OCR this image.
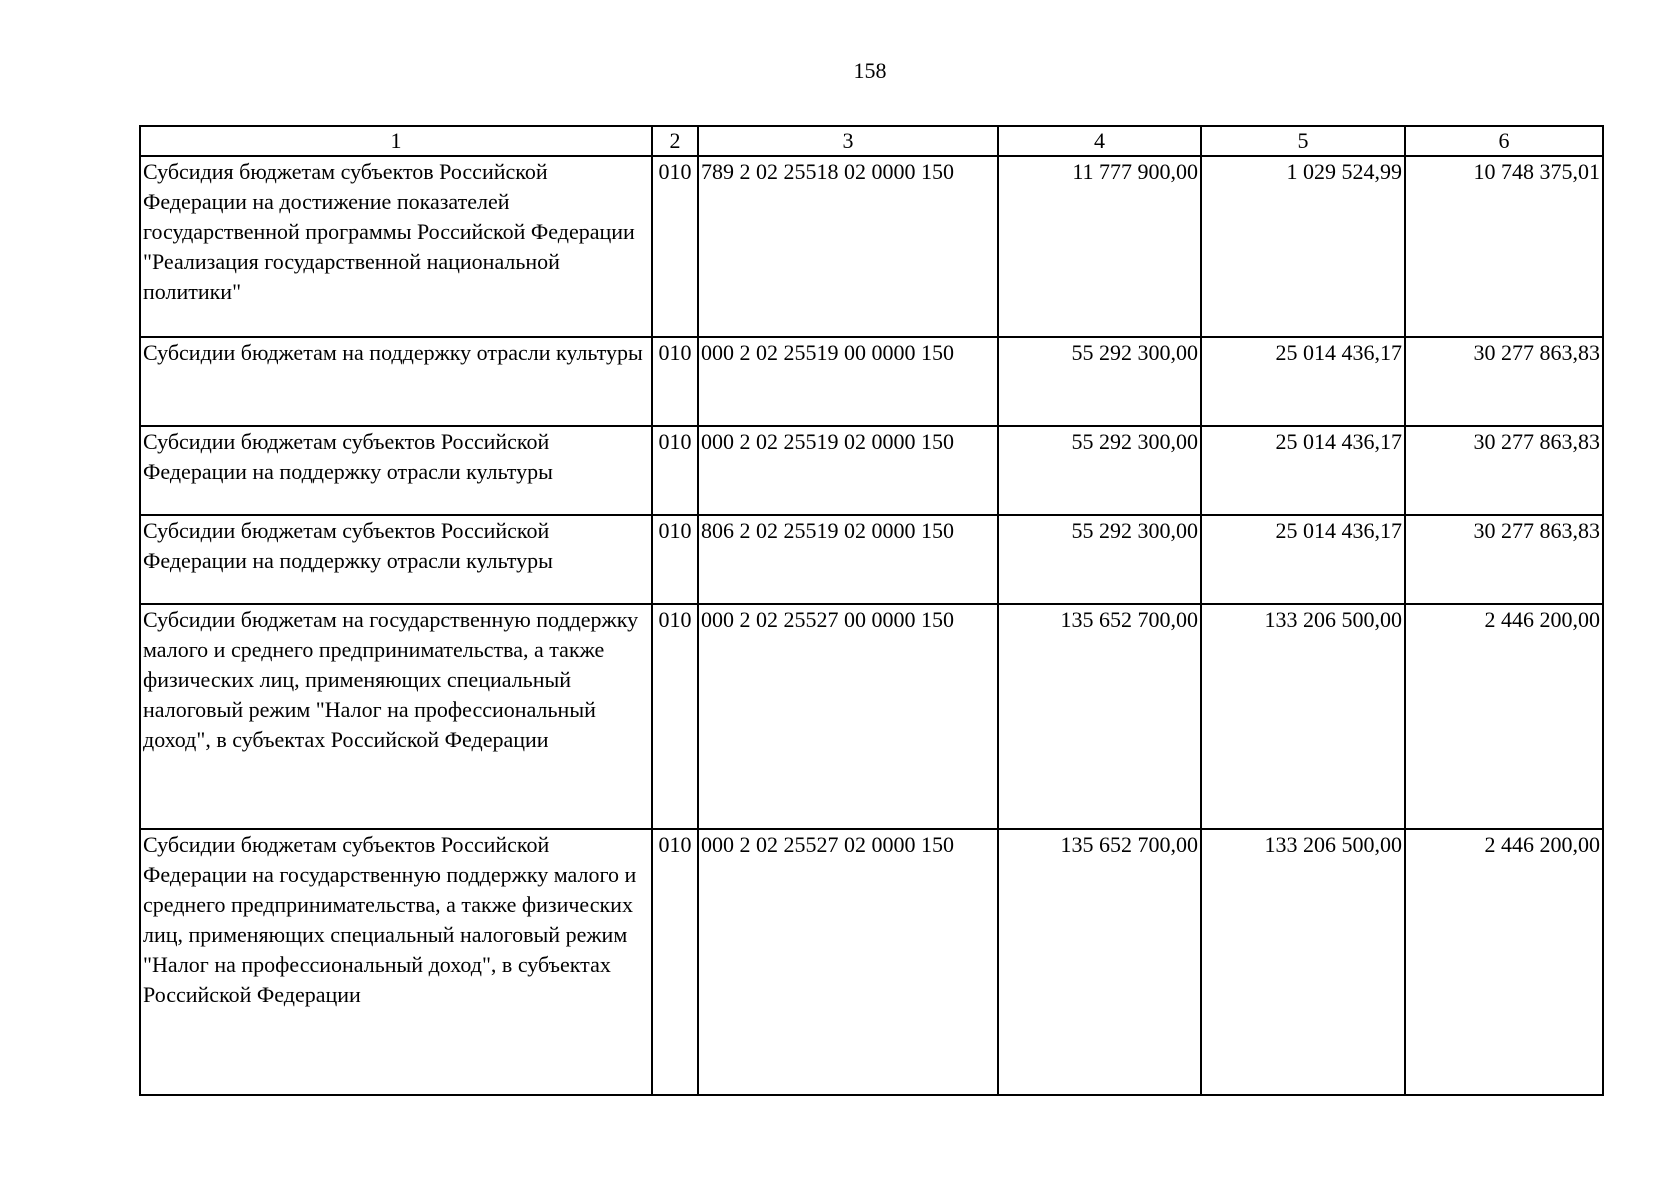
158
1	2	3	4	5	6
Субсидия бюджетам субъектов Российской Федерации на достижение показателей государственной программы Российской Федерации "Реализация государственной национальной политики"	010	789 2 02 25518 02 0000 150	11 777 900,00	1 029 524,99	10 748 375,01
Субсидии бюджетам на поддержку отрасли культуры	010	000 2 02 25519 00 0000 150	55 292 300,00	25 014 436,17	30 277 863,83
Субсидии бюджетам субъектов Российской Федерации на поддержку отрасли культуры	010	000 2 02 25519 02 0000 150	55 292 300,00	25 014 436,17	30 277 863,83
Субсидии бюджетам субъектов Российской Федерации на поддержку отрасли культуры	010	806 2 02 25519 02 0000 150	55 292 300,00	25 014 436,17	30 277 863,83
Субсидии бюджетам на государственную поддержку малого и среднего предпринимательства, а также физических лиц, применяющих специальный налоговый режим "Налог на профессиональный доход", в субъектах Российской Федерации	010	000 2 02 25527 00 0000 150	135 652 700,00	133 206 500,00	2 446 200,00
Субсидии бюджетам субъектов Российской Федерации на государственную поддержку малого и среднего предпринимательства, а также физических лиц, применяющих специальный налоговый режим "Налог на профессиональный доход", в субъектах Российской Федерации	010	000 2 02 25527 02 0000 150	135 652 700,00	133 206 500,00	2 446 200,00
